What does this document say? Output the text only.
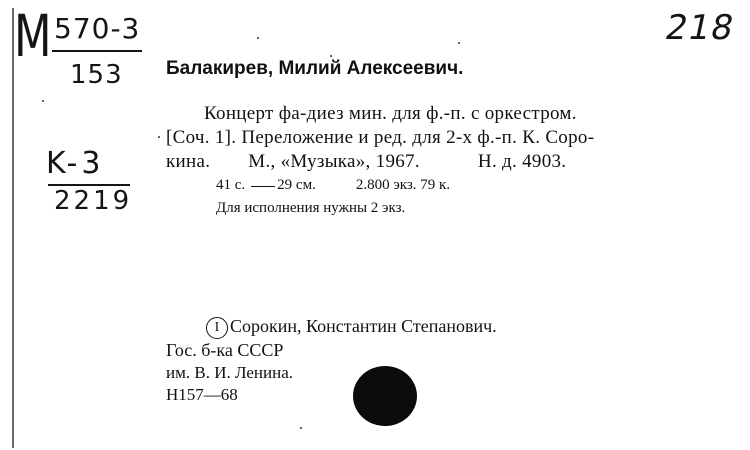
M 570-3
153
K-3
2219
218
Балакирев, Милий Алексеевич.
Концерт фа-диез мин. для ф.-п. с оркестром.
[Соч. 1]. Переложение и ред. для 2-х ф.-п. К. Соро-
кина. М., «Музыка», 1967.	Н. д. 4903.
41 с. 29 см.	2.800 экз. 79 к.
Для исполнения нужны 2 экз.
I Сорокин, Константин Степанович.
Гос. б-ка СССР
им. В. И. Ленина.
Н157—68
